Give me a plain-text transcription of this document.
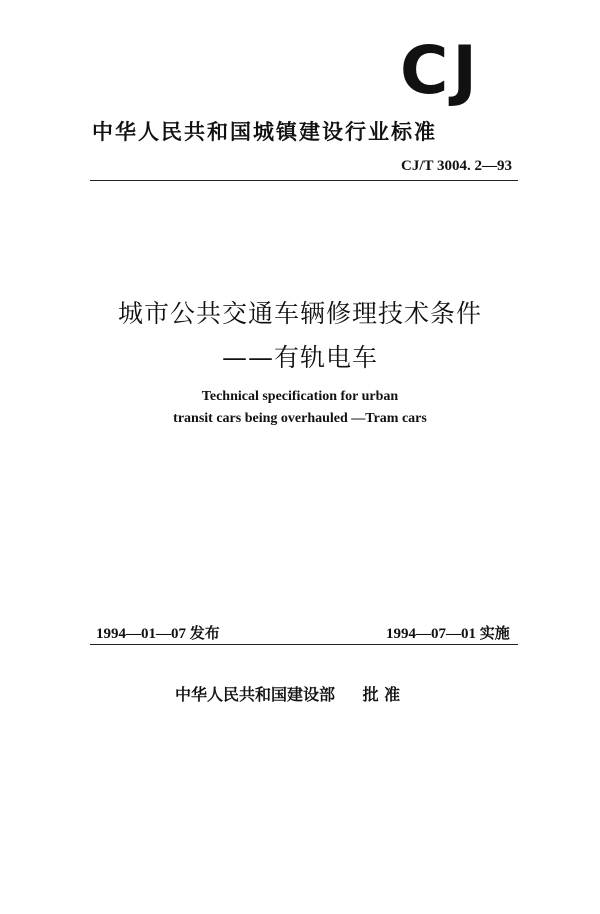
CJ
中华人民共和国城镇建设行业标准
CJ/T 3004. 2—93
城市公共交通车辆修理技术条件
——有轨电车
Technical specification for urban
transit cars being overhauled —Tram cars
1994—01—07 发布	1994—07—01 实施
中华人民共和国建设部 批 准
